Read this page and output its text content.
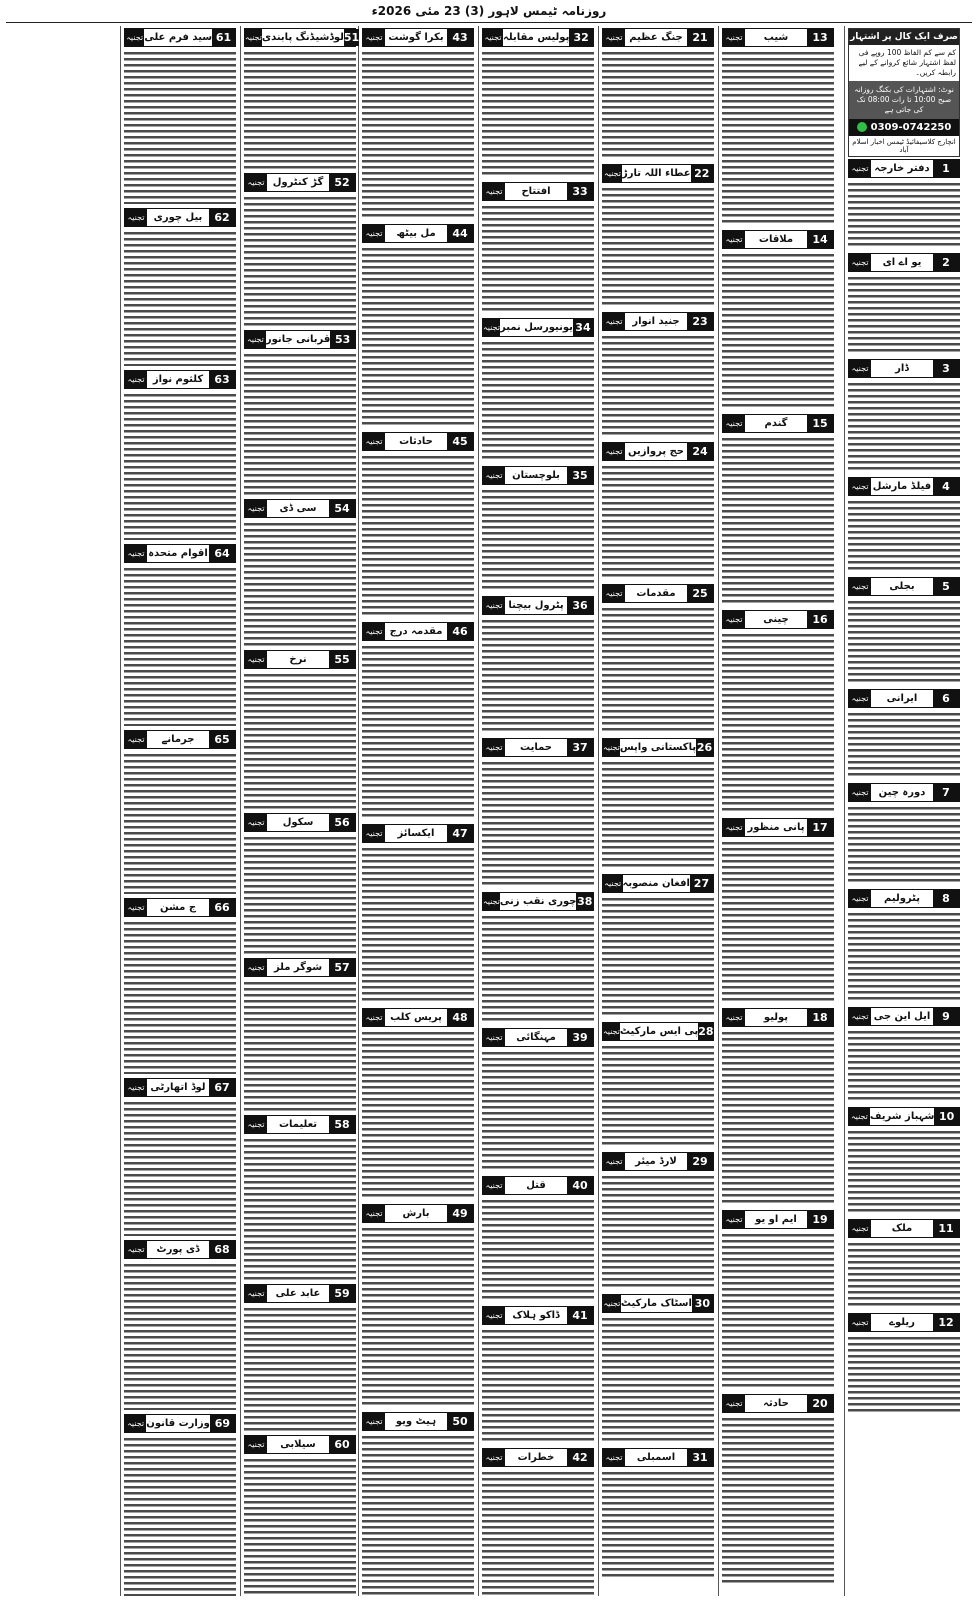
روزنامہ ٹیمس لاہور (3) 23 مئی 2026ء
صرف ایک کال پر اشتہار
کم سے کم الفاظ 100 روپے فی لفظ اشتہار شائع کروانے کے لیے رابطہ کریں۔
نوٹ: اشتہارات کی بکنگ روزانہ صبح 10:00 تا رات 08:00 تک کی جاتی ہے
0309-0742250
انچارج کلاسیفائیڈ ٹیمس اخبار اسلام آباد
تجنیہ دفتر خارجہ	1
تجنیہ	یو اے ای	2
تجنیہ	ڈار	3
تجنیہ فیلڈ مارشل 4
تجنیہ	بجلی	5
تجنیہ	ایرانی	6
تجنیہ	دورہ چین	7
تجنیہ	پٹرولیم	8
تجنیہ ایل این جی	9
تجنیہ شہباز شریف 10
تجنیہ	ملک	11
تجنیہ	ریلوے	12
تجنیہ	شیب	13
تجنیہ	ملاقات	14
تجنیہ	گندم	15
تجنیہ	چینی	16
تجنیہ پانی منظور 17
تجنیہ	پولیو	18
تجنیہ	ایم او یو	19
تجنیہ	حادثہ	20
تجنیہ جنگ عظیم 21
تجنیہ عطاء اللہ تارڑ 22
تجنیہ جنید انوار	23
تجنیہ حج پروازیں 24
تجنیہ	مقدمات	25
تجنیہ پاکستانی واپس 26
تجنیہ افغان منصوبہ 27
تجنیہ پی ایس مارکیٹ 28
تجنیہ	لارڈ میئر	29
تجنیہ اسٹاک مارکیٹ 30
تجنیہ	اسمبلی	31
تجنیہ پولیس مقابلہ 32
تجنیہ	افتتاح	33
تجنیہ یونیورسل نمبر 34
تجنیہ بلوچستان	35
تجنیہ پٹرول بیچنا 36
تجنیہ	حمایت	37
تجنیہ چوری نقب زنی 38
تجنیہ	مہنگائی	39
تجنیہ	قتل	40
تجنیہ ڈاکو ہلاک	41
تجنیہ	خطرات	42
تجنیہ بکرا گوشت 43
تجنیہ	مل بیٹھ	44
تجنیہ	حادثات	45
تجنیہ مقدمہ درج 46
تجنیہ	ایکسائز	47
تجنیہ پریس کلب 48
تجنیہ	بارش	49
تجنیہ	ہیٹ ویو	50
تجنیہ لوڈشیڈنگ پابندی 51
تجنیہ گڑ کنٹرول	52
تجنیہ قربانی جانور 53
تجنیہ	سی ڈی	54
تجنیہ	نرخ	55
تجنیہ	سکول	56
تجنیہ شوگر ملز	57
تجنیہ	تعلیمات	58
تجنیہ	عابد علی	59
تجنیہ	سیلابی	60
تجنیہ سید فرم علی 61
تجنیہ بیل چوری	62
تجنیہ کلثوم نواز	63
تجنیہ اقوام متحدہ 64
تجنیہ	جرمانے	65
تجنیہ	ج مشن	66
تجنیہ لوڈ اتھارٹی 67
تجنیہ	ڈی پورٹ	68
تجنیہ وزارت قانون 69
